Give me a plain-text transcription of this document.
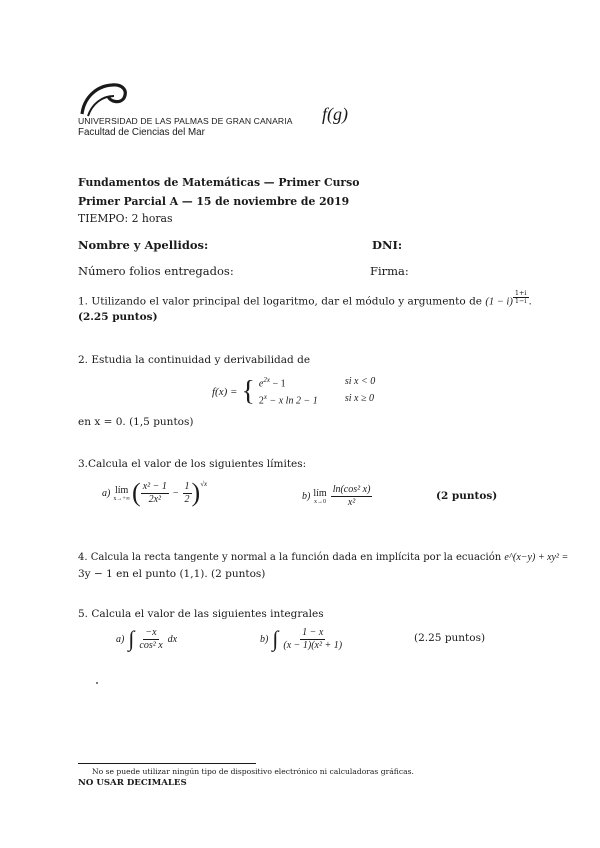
UNIVERSIDAD DE LAS PALMAS DE GRAN CANARIA
Facultad de Ciencias del Mar
f(g)
Fundamentos de Matemáticas — Primer Curso
Primer Parcial A — 15 de noviembre de 2019
TIEMPO: 2 horas
Nombre y Apellidos:	DNI:
Número folios entregados:	Firma:
1. Utilizando el valor principal del logaritmo, dar el módulo y argumento de (1 − i) $^{\frac{1+i}{1-i}}$ .
(2.25 puntos)
2. Estudia la continuidad y derivabilidad de
f(x) = { $e^{2x} - 1$	si x < 0
$2^x - x$ ln 2 − 1	si x ≥ 0
en x = 0. (1,5 puntos)
3.Calcula el valor de los siguientes límites:
a) lím
x→+∞ ( $\frac{\text{x² − 1}}{\text{2x²}} - \frac{1}{2} )^{√x}$
b) lím
$x\to 0 \frac{\text{ln(cos² x)}}{\text{x²}}$	(2 puntos)
4. Calcula la recta tangente y normal a la función dada en implícita por la ecuación e^(x−y) + xy² =
3y − 1 en el punto (1,1). (2 puntos)
5. Calcula el valor de las siguientes integrales
a) ∫ $\frac{-x}{\text{cos² x}}$ dx	b) ∫ $\frac{1 - x}{\text{(x − 1)(x² + 1)}}$	(2.25 puntos)
No se puede utilizar ningún tipo de dispositivo electrónico ni calculadoras gráficas.
NO USAR DECIMALES
